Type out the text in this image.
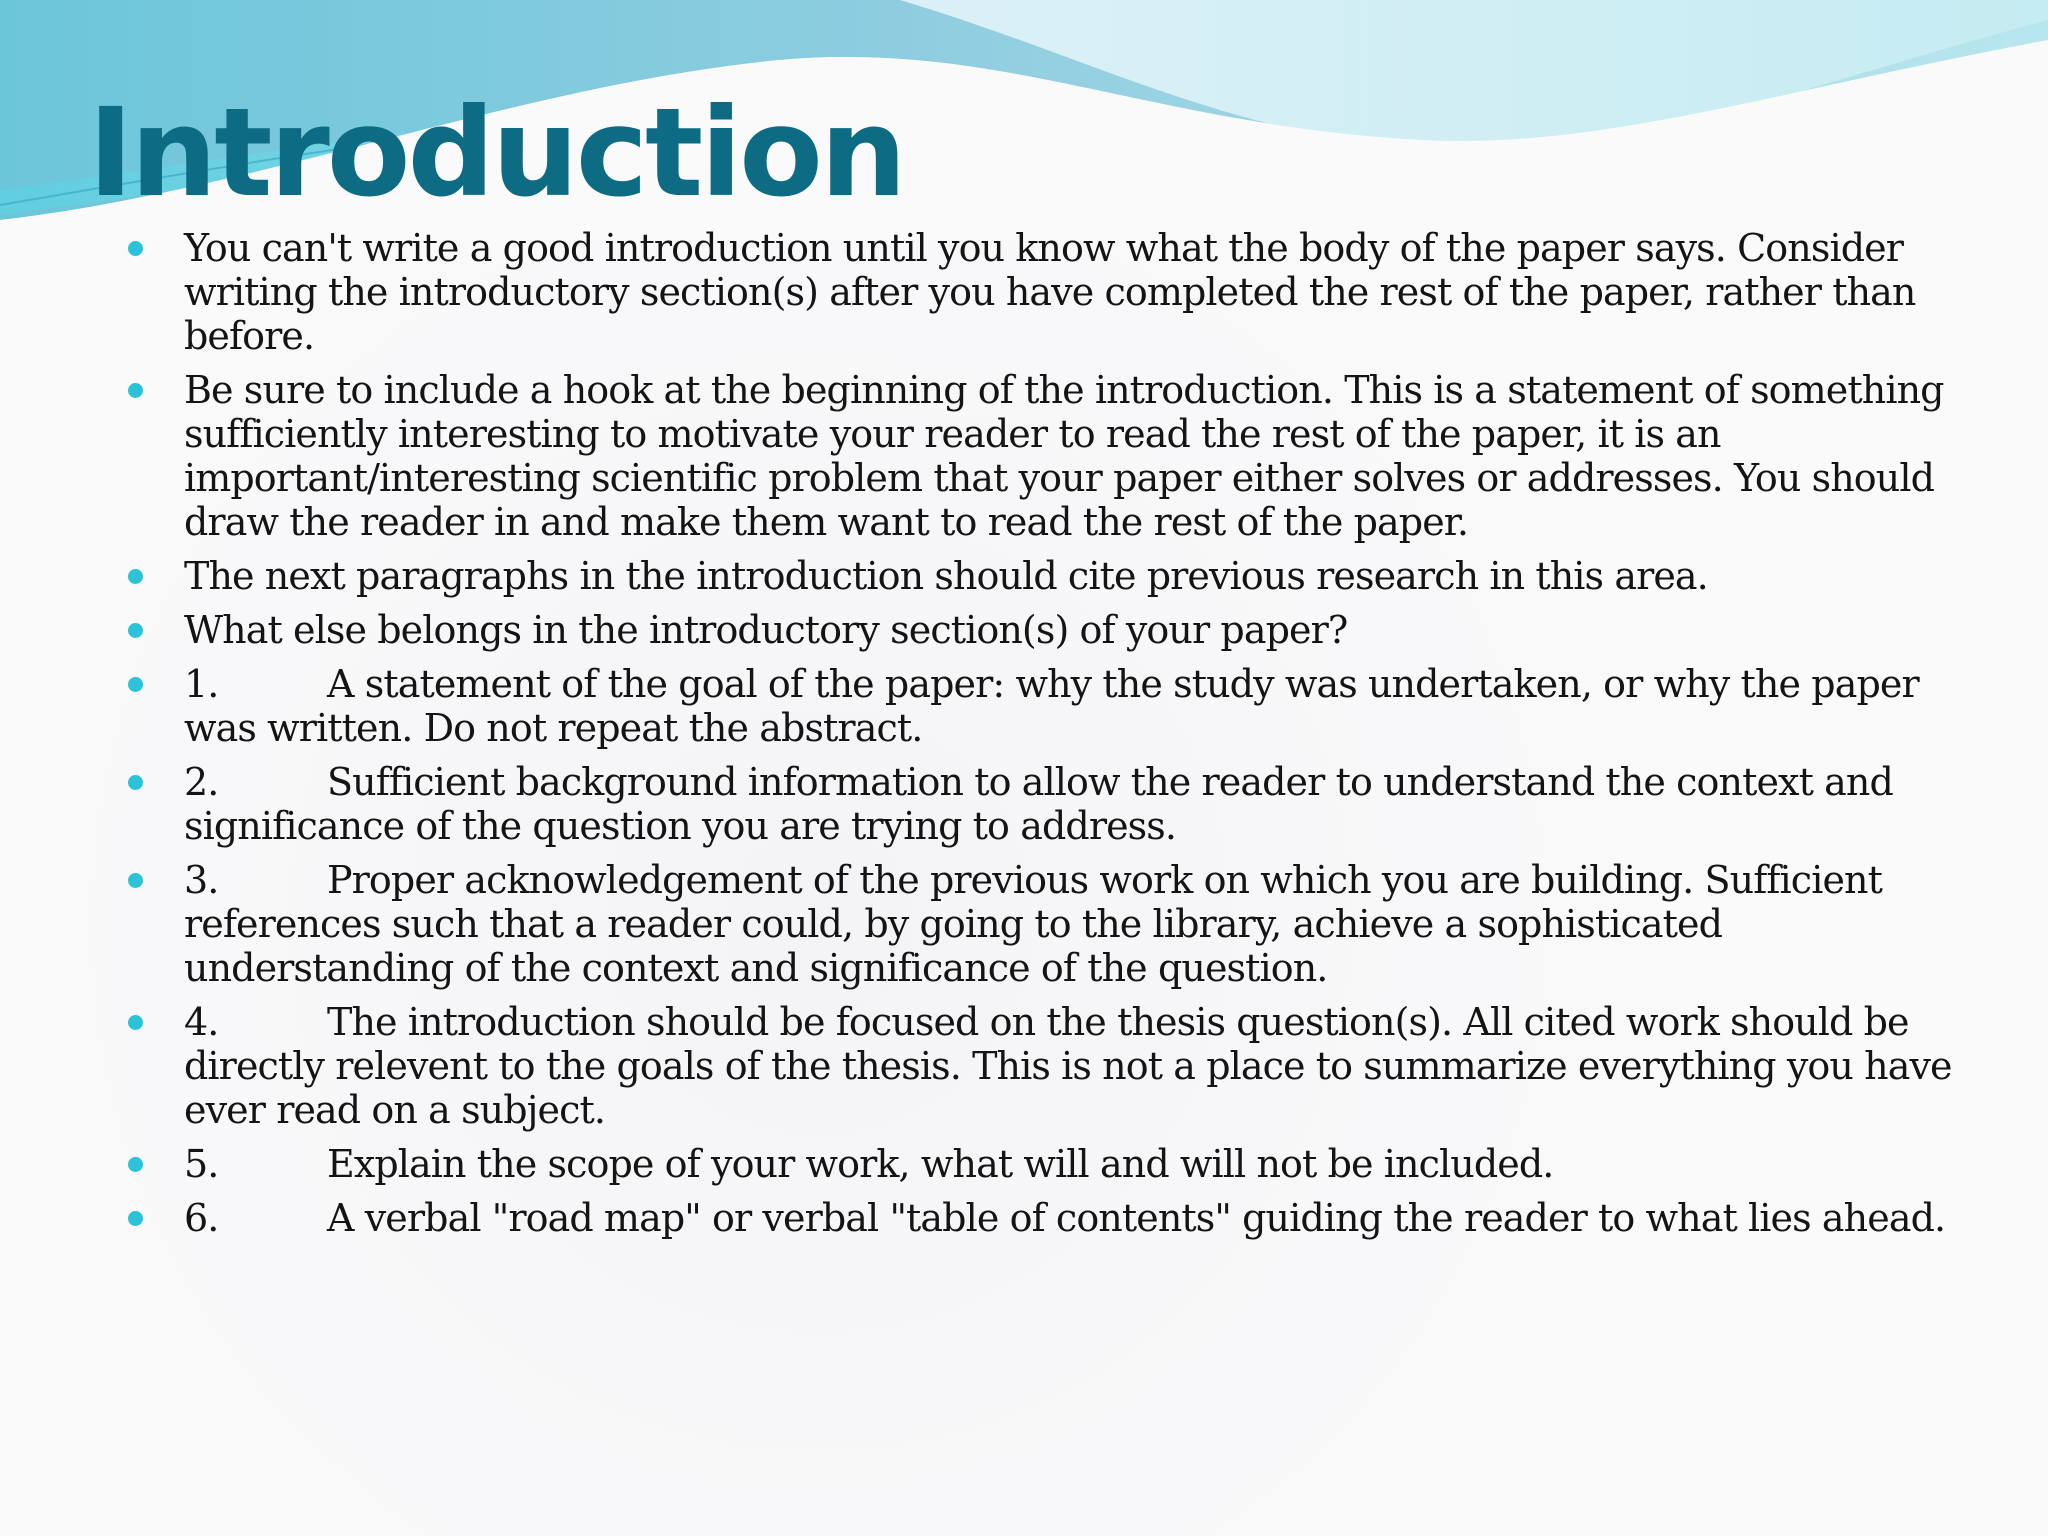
Introduction
You can't write a good introduction until you know what the body of the paper says. Consider writing the introductory section(s) after you have completed the rest of the paper, rather than before.
Be sure to include a hook at the beginning of the introduction. This is a statement of something sufficiently interesting to motivate your reader to read the rest of the paper, it is an important/interesting scientific problem that your paper either solves or addresses. You should draw the reader in and make them want to read the rest of the paper.
The next paragraphs in the introduction should cite previous research in this area.
What else belongs in the introductory section(s) of your paper?
1.	A statement of the goal of the paper: why the study was undertaken, or why the paper was written. Do not repeat the abstract.
2.	Sufficient background information to allow the reader to understand the context and significance of the question you are trying to address.
3.	Proper acknowledgement of the previous work on which you are building. Sufficient references such that a reader could, by going to the library, achieve a sophisticated understanding of the context and significance of the question.
4.	The introduction should be focused on the thesis question(s). All cited work should be directly relevent to the goals of the thesis. This is not a place to summarize everything you have ever read on a subject.
5.	Explain the scope of your work, what will and will not be included.
6.	A verbal "road map" or verbal "table of contents" guiding the reader to what lies ahead.
